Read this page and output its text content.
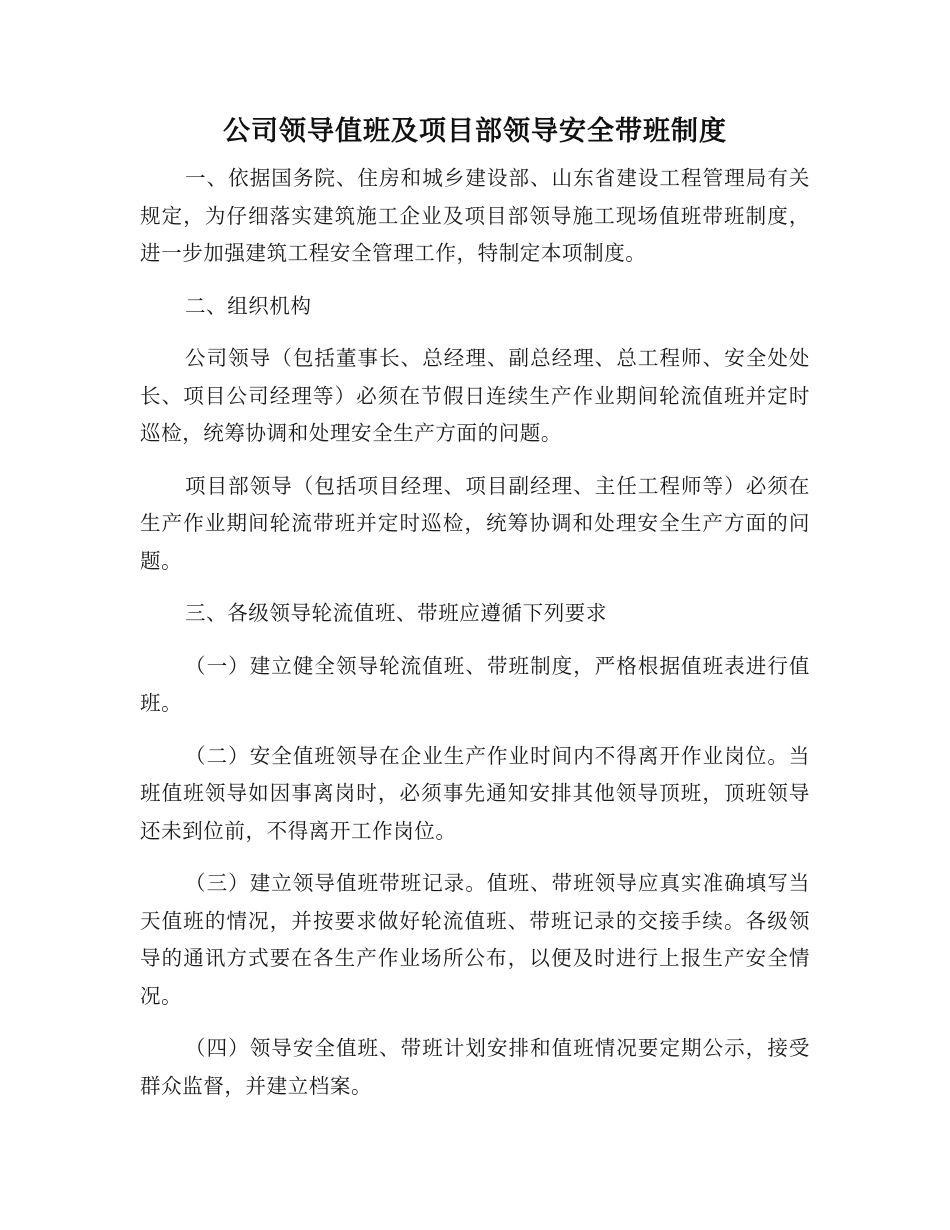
公司领导值班及项目部领导安全带班制度

一、依据国务院、住房和城乡建设部、山东省建设工程管理局有关规定，为仔细落实建筑施工企业及项目部领导施工现场值班带班制度，进一步加强建筑工程安全管理工作，特制定本项制度。

二、组织机构

公司领导（包括董事长、总经理、副总经理、总工程师、安全处处长、项目公司经理等）必须在节假日连续生产作业期间轮流值班并定时巡检，统筹协调和处理安全生产方面的问题。

项目部领导（包括项目经理、项目副经理、主任工程师等）必须在生产作业期间轮流带班并定时巡检，统筹协调和处理安全生产方面的问题。

三、各级领导轮流值班、带班应遵循下列要求

（一）建立健全领导轮流值班、带班制度，严格根据值班表进行值班。

（二）安全值班领导在企业生产作业时间内不得离开作业岗位。当班值班领导如因事离岗时，必须事先通知安排其他领导顶班，顶班领导还未到位前，不得离开工作岗位。

（三）建立领导值班带班记录。值班、带班领导应真实准确填写当天值班的情况，并按要求做好轮流值班、带班记录的交接手续。各级领导的通讯方式要在各生产作业场所公布，以便及时进行上报生产安全情况。

（四）领导安全值班、带班计划安排和值班情况要定期公示，接受群众监督，并建立档案。
